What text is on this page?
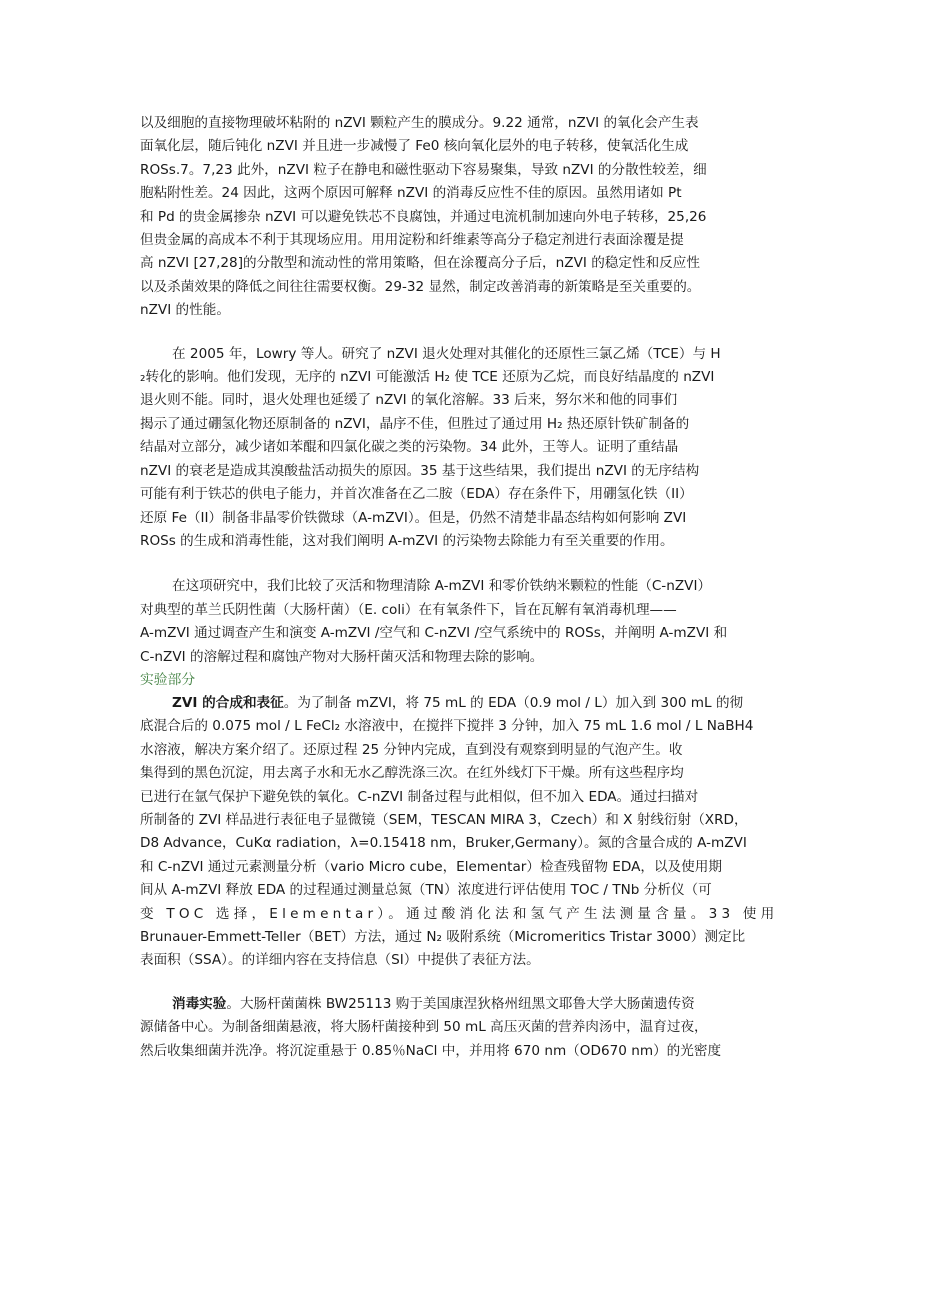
以及细胞的直接物理破坏粘附的 nZVI 颗粒产生的膜成分。9.22 通常，nZVI 的氧化会产生表
面氧化层，随后钝化 nZVI 并且进一步减慢了 Fe0 核向氧化层外的电子转移，使氧活化生成
ROSs.7。7,23 此外，nZVI 粒子在静电和磁性驱动下容易聚集，导致 nZVI 的分散性较差，细
胞粘附性差。24 因此，这两个原因可解释 nZVI 的消毒反应性不佳的原因。虽然用诸如 Pt
和 Pd 的贵金属掺杂 nZVI 可以避免铁芯不良腐蚀，并通过电流机制加速向外电子转移，25,26
但贵金属的高成本不利于其现场应用。用用淀粉和纤维素等高分子稳定剂进行表面涂覆是提
高 nZVI [27,28]的分散型和流动性的常用策略，但在涂覆高分子后，nZVI 的稳定性和反应性
以及杀菌效果的降低之间往往需要权衡。29-32 显然，制定改善消毒的新策略是至关重要的。
nZVI 的性能。

在 2005 年，Lowry 等人。研究了 nZVI 退火处理对其催化的还原性三氯乙烯（TCE）与 H
₂转化的影响。他们发现，无序的 nZVI 可能激活 H₂ 使 TCE 还原为乙烷，而良好结晶度的 nZVI
退火则不能。同时，退火处理也延缓了 nZVI 的氧化溶解。33 后来，努尔米和他的同事们
揭示了通过硼氢化物还原制备的 nZVI，晶序不佳，但胜过了通过用 H₂ 热还原针铁矿制备的
结晶对立部分，减少诸如苯醌和四氯化碳之类的污染物。34 此外，王等人。证明了重结晶
nZVI 的衰老是造成其溴酸盐活动损失的原因。35 基于这些结果，我们提出 nZVI 的无序结构
可能有利于铁芯的供电子能力，并首次准备在乙二胺（EDA）存在条件下，用硼氢化铁（II）
还原 Fe（II）制备非晶零价铁微球（A-mZVI）。但是，仍然不清楚非晶态结构如何影响 ZVI
ROSs 的生成和消毒性能，这对我们阐明 A-mZVI 的污染物去除能力有至关重要的作用。

在这项研究中，我们比较了灭活和物理清除 A-mZVI 和零价铁纳米颗粒的性能（C-nZVI）
对典型的革兰氏阴性菌（大肠杆菌）（E. coli）在有氧条件下，旨在瓦解有氧消毒机理——
A-mZVI 通过调查产生和演变 A-mZVI /空气和 C-nZVI /空气系统中的 ROSs，并阐明 A-mZVI 和
C-nZVI 的溶解过程和腐蚀产物对大肠杆菌灭活和物理去除的影响。

实验部分

ZVI 的合成和表征。为了制备 mZVI，将 75 mL 的 EDA（0.9 mol / L）加入到 300 mL 的彻
底混合后的 0.075 mol / L FeCl₂ 水溶液中，在搅拌下搅拌 3 分钟，加入 75 mL 1.6 mol / L NaBH4
水溶液，解决方案介绍了。还原过程 25 分钟内完成，直到没有观察到明显的气泡产生。收
集得到的黑色沉淀，用去离子水和无水乙醇洗涤三次。在红外线灯下干燥。所有这些程序均
已进行在氩气保护下避免铁的氧化。C-nZVI 制备过程与此相似，但不加入 EDA。通过扫描对
所制备的 ZVI 样品进行表征电子显微镜（SEM，TESCAN MIRA 3，Czech）和 X 射线衍射（XRD，
D8 Advance，CuKα radiation，λ=0.15418 nm，Bruker,Germany）。氮的含量合成的 A-mZVI
和 C-nZVI 通过元素测量分析（vario Micro cube，Elementar）检查残留物 EDA，以及使用期
间从 A-mZVI 释放 EDA 的过程通过测量总氮（TN）浓度进行评估使用 TOC / TNb 分析仪（可
变 TOC 选择，Elementar）。通过酸消化法和氢气产生法测量含量。33 使用
Brunauer-Emmett-Teller（BET）方法，通过 N₂ 吸附系统（Micromeritics Tristar 3000）测定比
表面积（SSA）。的详细内容在支持信息（SI）中提供了表征方法。

消毒实验。大肠杆菌菌株 BW25113 购于美国康涅狄格州纽黑文耶鲁大学大肠菌遗传资
源储备中心。为制备细菌悬液，将大肠杆菌接种到 50 mL 高压灭菌的营养肉汤中，温育过夜，
然后收集细菌并洗净。将沉淀重悬于 0.85％NaCl 中，并用将 670 nm（OD670 nm）的光密度
